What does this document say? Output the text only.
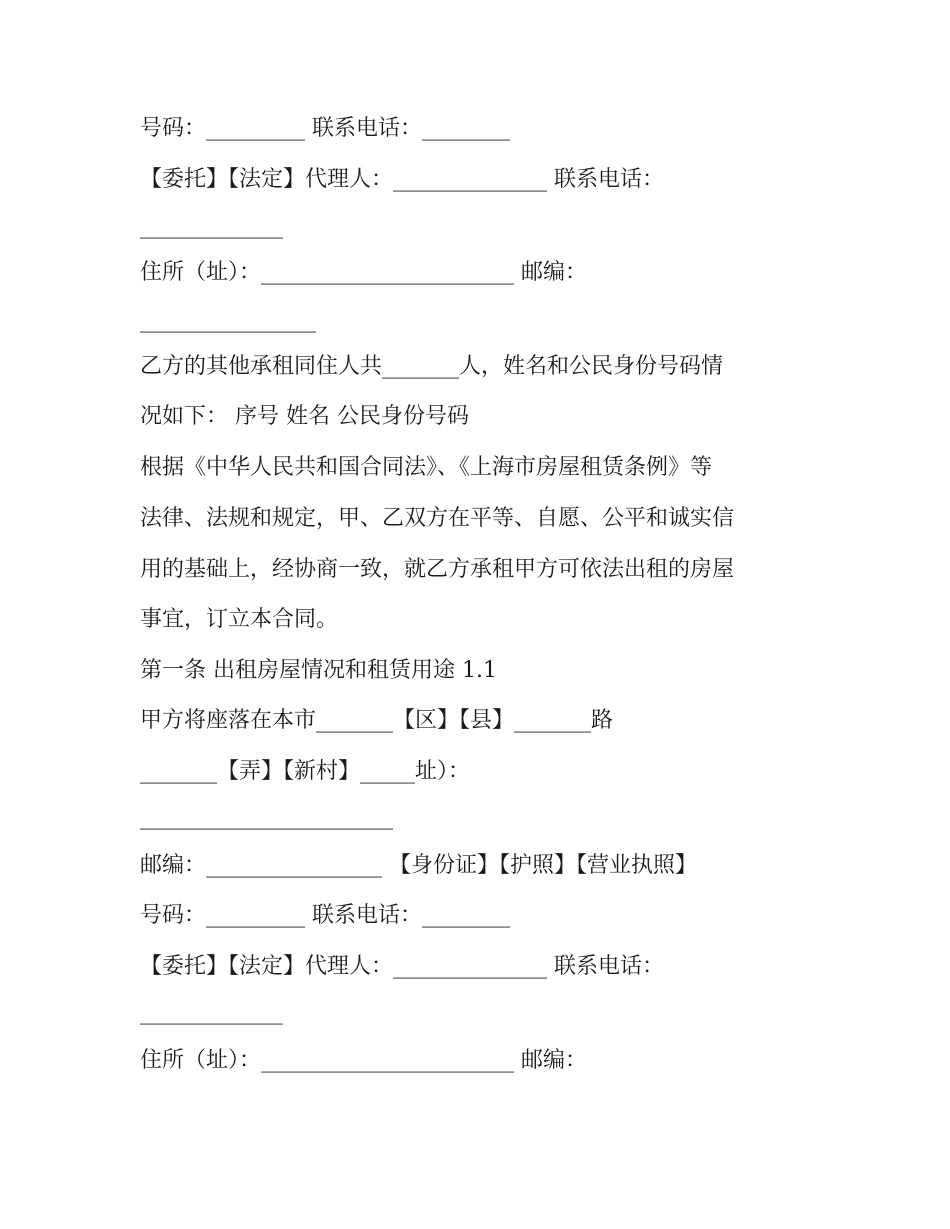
号码：_________ 联系电话：________
【委托】【法定】代理人：______________ 联系电话：
_____________
住所（址）：_______________________ 邮编：
________________
乙方的其他承租同住人共_______人，姓名和公民身份号码情
况如下： 序号 姓名 公民身份号码
根据《中华人民共和国合同法》、《上海市房屋租赁条例》等
法律、法规和规定，甲、乙双方在平等、自愿、公平和诚实信
用的基础上，经协商一致，就乙方承租甲方可依法出租的房屋
事宜，订立本合同。
第一条 出租房屋情况和租赁用途 1.1
甲方将座落在本市_______【区】【县】_______路
_______【弄】【新村】_____址）：
_______________________
邮编：________________ 【身份证】【护照】【营业执照】
号码：_________ 联系电话：________
【委托】【法定】代理人：______________ 联系电话：
_____________
住所（址）：_______________________ 邮编：
